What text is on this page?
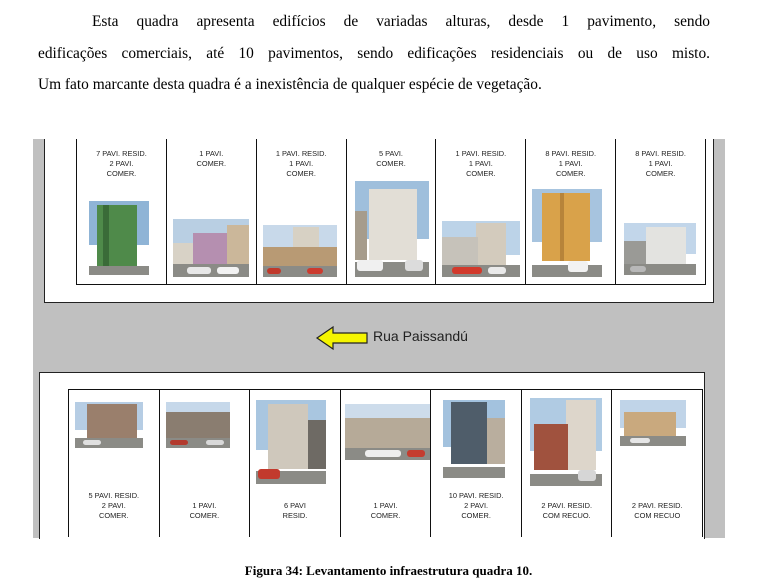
Esta quadra apresenta edifícios de variadas alturas, desde 1 pavimento, sendo
edificações comerciais, até 10 pavimentos, sendo edificações residenciais ou de uso misto.
Um fato marcante desta quadra é a inexistência de qualquer espécie de vegetação.

7 PAVI. RESID.
2 PAVI.
COMER.
1 PAVI.
COMER.
1 PAVI. RESID.
1 PAVI.
COMER.
5 PAVI.
COMER.
1 PAVI. RESID.
1 PAVI.
COMER.
8 PAVI. RESID.
1 PAVI.
COMER.
8 PAVI. RESID.
1 PAVI.
COMER.
Rua Paissandú
5 PAVI. RESID.
2 PAVI.
COMER.
1 PAVI.
COMER.
6 PAVI
RESID.
1 PAVI.
COMER.
10 PAVI. RESID.
2 PAVI.
COMER.
2 PAVI. RESID.
COM RECUO.
2 PAVI. RESID.
COM RECUO
Figura 34: Levantamento infraestrutura quadra 10.
